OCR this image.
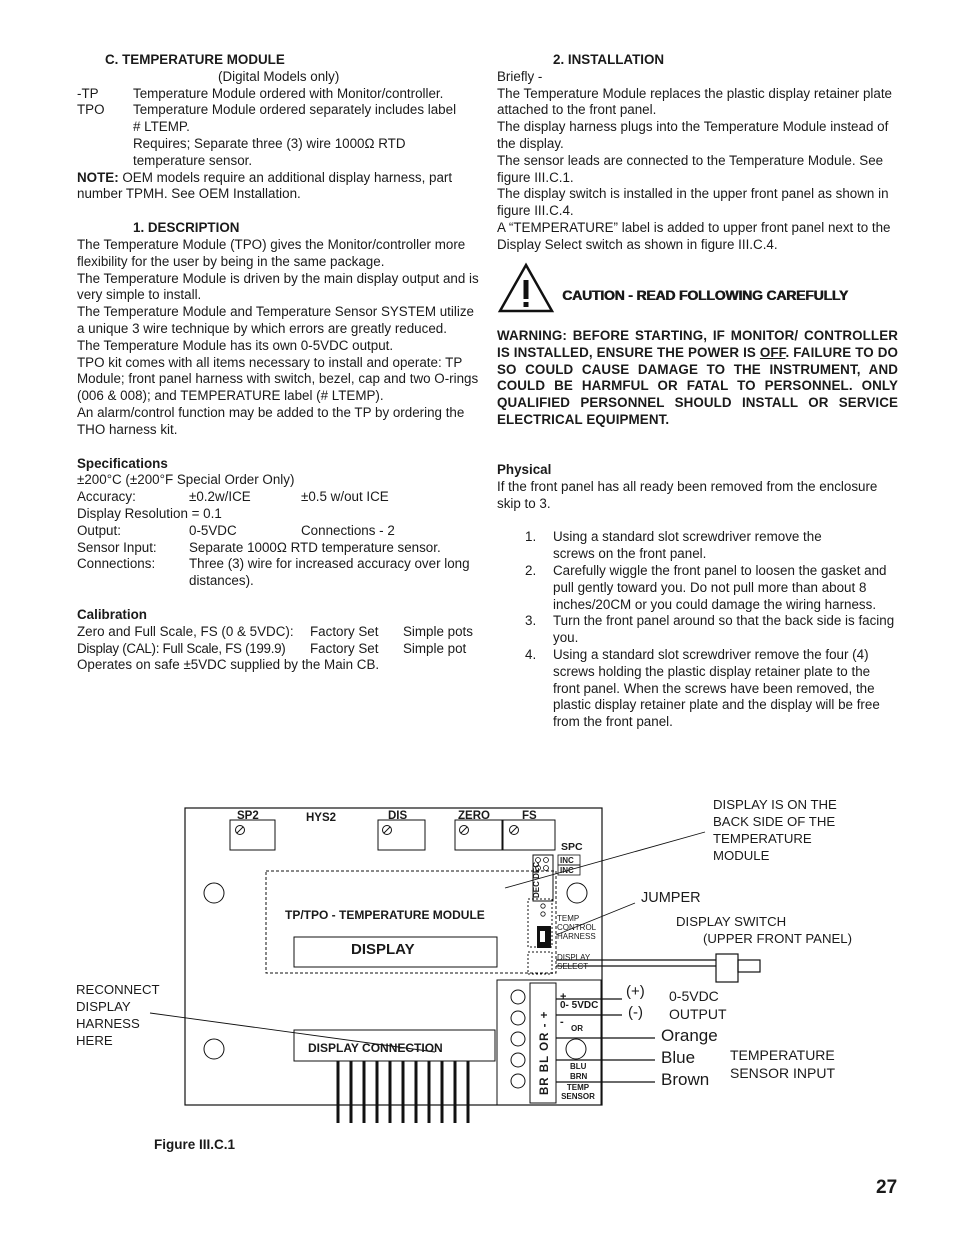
C. TEMPERATURE MODULE

(Digital Models only)

-TP	Temperature Module ordered with Monitor/controller.
TPO	Temperature Module ordered separately includes label
# LTEMP.
Requires; Separate three (3) wire 1000Ω RTD
temperature sensor.

NOTE: OEM models require an additional display harness, part
number TPMH. See OEM Installation.

1. DESCRIPTION

The Temperature Module (TPO) gives the Monitor/controller more flexibility for the user by being in the same package.

The Temperature Module is driven by the main display output and is very simple to install.

The Temperature Module and Temperature Sensor SYSTEM utilize a unique 3 wire technique by which errors are greatly reduced.

The Temperature Module has its own 0-5VDC output.

TPO kit comes with all items necessary to install and operate: TP Module; front panel harness with switch, bezel, cap and two O-rings (006 & 008); and TEMPERATURE label (# LTEMP).

An alarm/control function may be added to the TP by ordering the THO harness kit.

Specifications

±200°C (±200°F Special Order Only)

Accuracy:	±0.2w/ICE	±0.5 w/out ICE

Display Resolution = 0.1

Output:	0-5VDC	Connections - 2
Sensor Input:	Separate 1000Ω RTD temperature sensor.
Connections:	Three (3) wire for increased accuracy over long distances).

Calibration

Zero and Full Scale, FS (0 & 5VDC):	Factory Set	Simple pots
Display (CAL): Full Scale, FS (199.9)	Factory Set	Simple pot

Operates on safe ±5VDC supplied by the Main CB.

2. INSTALLATION

Briefly -

The Temperature Module replaces the plastic display retainer plate attached to the front panel.

The display harness plugs into the Temperature Module instead of the display.

The sensor leads are connected to the Temperature Module. See figure III.C.1.

The display switch is installed in the upper front panel as shown in figure III.C.4.

A “TEMPERATURE” label is added to upper front panel next to the Display Select switch as shown in figure III.C.4.

CAUTION - READ FOLLOWING CAREFULLY

WARNING: BEFORE STARTING, IF MONITOR/ CONTROLLER IS INSTALLED, ENSURE THE POWER IS OFF. FAILURE TO DO SO COULD CAUSE DAMAGE TO THE INSTRUMENT, AND COULD BE HARMFUL OR FATAL TO PERSONNEL. ONLY QUALIFIED PERSONNEL SHOULD INSTALL OR SERVICE ELECTRICAL EQUIPMENT.

Physical

If the front panel has all ready been removed from the enclosure skip to 3.

1.	Using a standard slot screwdriver remove the screws on the front panel.
2.	Carefully wiggle the front panel to loosen the gasket and pull gently toward you. Do not pull more than about 8 inches/20CM or you could damage the wiring harness.
3.	Turn the front panel around so that the back side is facing you.
4.	Using a standard slot screwdriver remove the four (4) screws holding the plastic display retainer plate to the front panel. When the screws have been removed, the plastic display retainer plate and the display will be free from the front panel.
SP2	HYS2	DIS	ZERO	FS
SPC
INC
INC
DEC DEC
TP/TPO - TEMPERATURE MODULE
DISPLAY
DISPLAY CONNECTION
TEMP
CONTROL
HARNESS
DISPLAY
SELECT
BR BL OR - +
+
-
0- 5VDC
OR
BLU
BRN
TEMP
SENSOR
DISPLAY IS ON THE BACK SIDE OF THE TEMPERATURE MODULE
JUMPER
DISPLAY SWITCH
(UPPER FRONT PANEL)
(+)
(-)
0-5VDC
OUTPUT
Orange
Blue
Brown
TEMPERATURE
SENSOR INPUT
RECONNECT DISPLAY HARNESS HERE
Figure III.C.1
27
